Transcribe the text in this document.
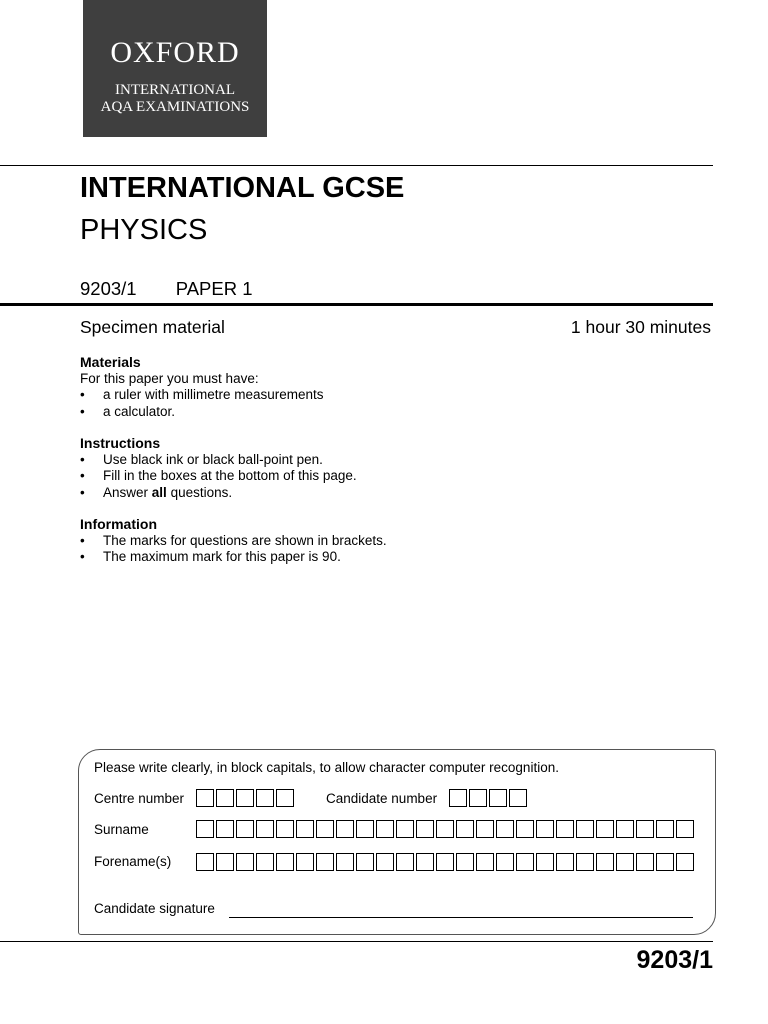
OXFORD
INTERNATIONAL
AQA EXAMINATIONS
INTERNATIONAL GCSE
PHYSICS
9203/1 PAPER 1
Specimen material	1 hour 30 minutes
Materials

For this paper you must have:

• a ruler with millimetre measurements
• a calculator.
Instructions
• Use black ink or black ball-point pen.
• Fill in the boxes at the bottom of this page.
• Answer all questions.
Information
• The marks for questions are shown in brackets.
• The maximum mark for this paper is 90.
Please write clearly, in block capitals, to allow character computer recognition.
Centre number	Candidate number
Surname
Forename(s)
Candidate signature
9203/1
